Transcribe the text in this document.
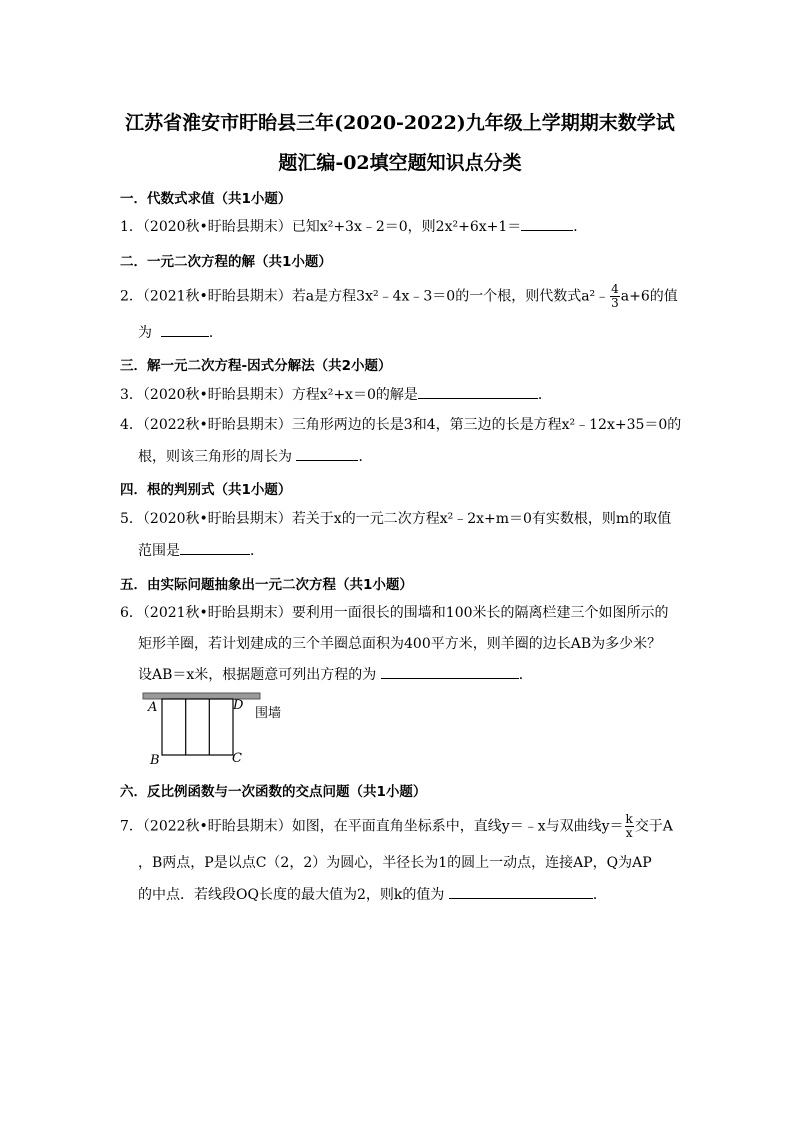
江苏省淮安市盱眙县三年(2020-2022)九年级上学期期末数学试
题汇编-02填空题知识点分类
一．代数式求值（共1小题）
1．（2020秋•盱眙县期末）已知x²+3x﹣2＝0，则2x²+6x+1＝	．
二．一元二次方程的解（共1小题）
2．（2021秋•盱眙县期末）若a是方程3x²﹣4x﹣3＝0的一个根，则代数式a²﹣ $\frac{4}{3} a+6$的值
为	．
三．解一元二次方程-因式分解法（共2小题）
3．（2020秋•盱眙县期末）方程x²+x＝0的解是	．
4．（2022秋•盱眙县期末）三角形两边的长是3和4，第三边的长是方程x²﹣12x+35＝0的
根，则该三角形的周长为	．
四．根的判别式（共1小题）
5．（2020秋•盱眙县期末）若关于x的一元二次方程x²﹣2x+m＝0有实数根，则m的取值
范围是	．
五．由实际问题抽象出一元二次方程（共1小题）
6．（2021秋•盱眙县期末）要利用一面很长的围墙和100米长的隔离栏建三个如图所示的
矩形羊圈，若计划建成的三个羊圈总面积为400平方米，则羊圈的边长AB为多少米？
设AB＝x米，根据题意可列出方程的为	．
A	D
围墙
B	C
六．反比例函数与一次函数的交点问题（共1小题）
7．（2022秋•盱眙县期末）如图，在平面直角坐标系中，直线y＝﹣x与双曲线$y= \frac{k}{x}$ 交于A
，B两点，P是以点C（2，2）为圆心，半径长为1的圆上一动点，连接AP，Q为AP
的中点．若线段OQ长度的最大值为2，则k的值为	．
